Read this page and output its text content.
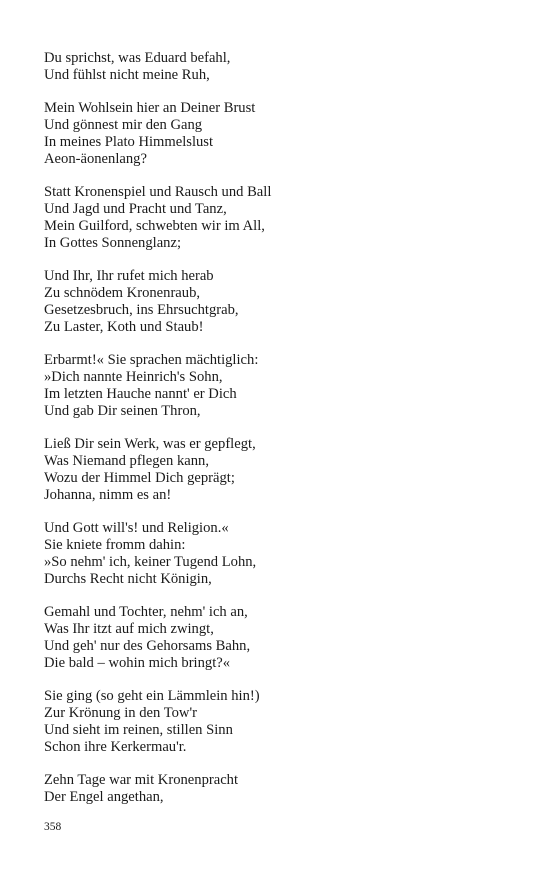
Du sprichst, was Eduard befahl,
Und fühlst nicht meine Ruh,
Mein Wohlsein hier an Deiner Brust
Und gönnest mir den Gang
In meines Plato Himmelslust
Aeon-äonenlang?
Statt Kronenspiel und Rausch und Ball
Und Jagd und Pracht und Tanz,
Mein Guilford, schwebten wir im All,
In Gottes Sonnenglanz;
Und Ihr, Ihr rufet mich herab
Zu schnödem Kronenraub,
Gesetzesbruch, ins Ehrsuchtgrab,
Zu Laster, Koth und Staub!
Erbarmt!« Sie sprachen mächtiglich:
»Dich nannte Heinrich's Sohn,
Im letzten Hauche nannt' er Dich
Und gab Dir seinen Thron,
Ließ Dir sein Werk, was er gepflegt,
Was Niemand pflegen kann,
Wozu der Himmel Dich geprägt;
Johanna, nimm es an!
Und Gott will's! und Religion.«
Sie kniete fromm dahin:
»So nehm' ich, keiner Tugend Lohn,
Durchs Recht nicht Königin,
Gemahl und Tochter, nehm' ich an,
Was Ihr itzt auf mich zwingt,
Und geh' nur des Gehorsams Bahn,
Die bald – wohin mich bringt?«
Sie ging (so geht ein Lämmlein hin!)
Zur Krönung in den Tow'r
Und sieht im reinen, stillen Sinn
Schon ihre Kerkermau'r.
Zehn Tage war mit Kronenpracht
Der Engel angethan,
358
